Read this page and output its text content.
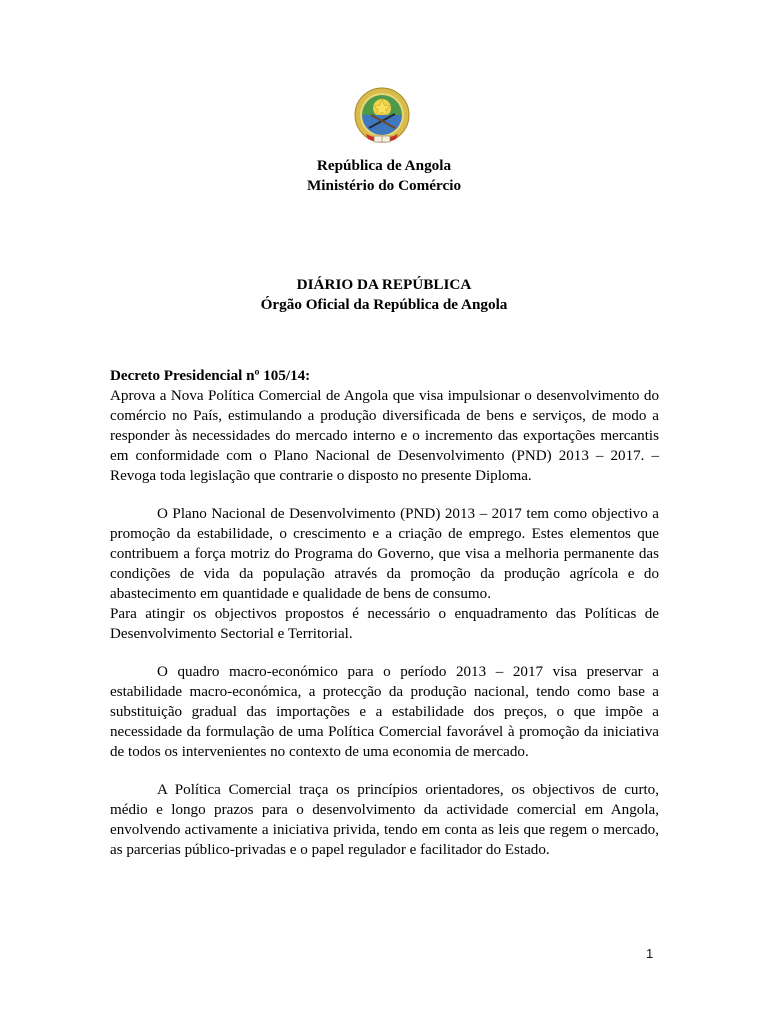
República de Angola
Ministério do Comércio
DIÁRIO DA REPÚBLICA
Órgão Oficial da República de Angola

Decreto Presidencial nº 105/14:

Aprova a Nova Política Comercial de Angola que visa impulsionar o desenvolvimento do comércio no País, estimulando a produção diversificada de bens e serviços, de modo a responder às necessidades do mercado interno e o incremento das exportações mercantis em conformidade com o Plano Nacional de Desenvolvimento (PND) 2013 – 2017. – Revoga toda legislação que contrarie o disposto no presente Diploma.

O Plano Nacional de Desenvolvimento (PND) 2013 – 2017 tem como objectivo a promoção da estabilidade, o crescimento e a criação de emprego. Estes elementos que contribuem a força motriz do Programa do Governo, que visa a melhoria permanente das condições de vida da população através da promoção da produção agrícola e do abastecimento em quantidade e qualidade de bens de consumo.

Para atingir os objectivos propostos é necessário o enquadramento das Políticas de Desenvolvimento Sectorial e Territorial.

O quadro macro-económico para o período 2013 – 2017 visa preservar a estabilidade macro-económica, a protecção da produção nacional, tendo como base a substituição gradual das importações e a estabilidade dos preços, o que impõe a necessidade da formulação de uma Política Comercial favorável à promoção da iniciativa de todos os intervenientes no contexto de uma economia de mercado.

A Política Comercial traça os princípios orientadores, os objectivos de curto, médio e longo prazos para o desenvolvimento da actividade comercial em Angola, envolvendo activamente a iniciativa privida, tendo em conta as leis que regem o mercado, as parcerias público-privadas e o papel regulador e facilitador do Estado.

1
